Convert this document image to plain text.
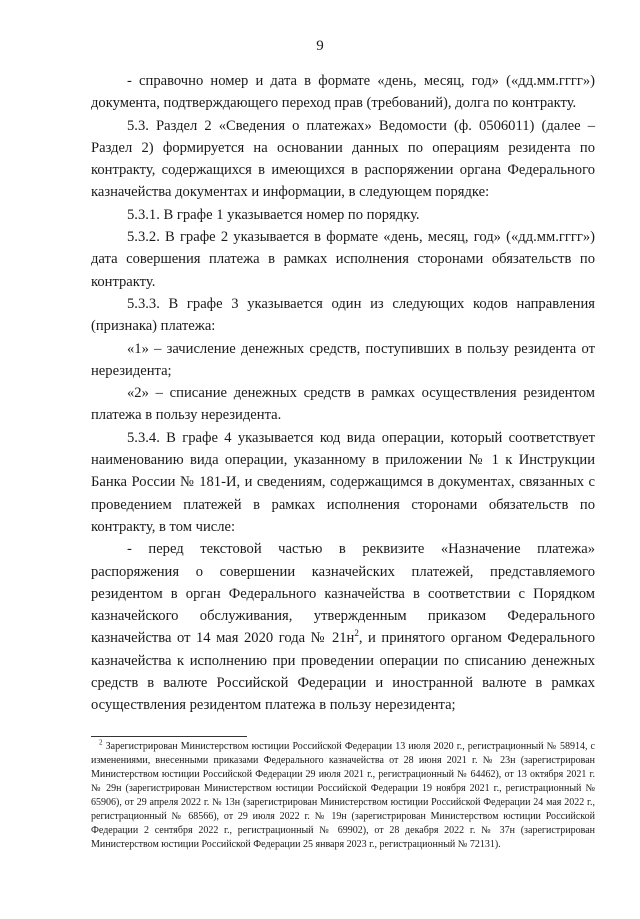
9

- справочно номер и дата в формате «день, месяц, год» («дд.мм.гггг») документа, подтверждающего переход прав (требований), долга по контракту.

5.3. Раздел 2 «Сведения о платежах» Ведомости (ф. 0506011) (далее – Раздел 2) формируется на основании данных по операциям резидента по контракту, содержащихся в имеющихся в распоряжении органа Федерального казначейства документах и информации, в следующем порядке:

5.3.1. В графе 1 указывается номер по порядку.

5.3.2. В графе 2 указывается в формате «день, месяц, год» («дд.мм.гггг») дата совершения платежа в рамках исполнения сторонами обязательств по контракту.

5.3.3. В графе 3 указывается один из следующих кодов направления (признака) платежа:

«1» – зачисление денежных средств, поступивших в пользу резидента от нерезидента;

«2» – списание денежных средств в рамках осуществления резидентом платежа в пользу нерезидента.

5.3.4. В графе 4 указывается код вида операции, который соответствует наименованию вида операции, указанному в приложении № 1 к Инструкции Банка России № 181-И, и сведениям, содержащимся в документах, связанных с проведением платежей в рамках исполнения сторонами обязательств по контракту, в том числе:

- перед текстовой частью в реквизите «Назначение платежа» распоряжения о совершении казначейских платежей, представляемого резидентом в орган Федерального казначейства в соответствии с Порядком казначейского обслуживания, утвержденным приказом Федерального казначейства от 14 мая 2020 года № $21н^2$, и принятого органом Федерального казначейства к исполнению при проведении операции по списанию денежных средств в валюте Российской Федерации и иностранной валюте в рамках осуществления резидентом платежа в пользу нерезидента;

$^2$ Зарегистрирован Министерством юстиции Российской Федерации 13 июля 2020 г., регистрационный № 58914, с изменениями, внесенными приказами Федерального казначейства от 28 июня 2021 г. № 23н (зарегистрирован Министерством юстиции Российской Федерации 29 июля 2021 г., регистрационный № 64462), от 13 октября 2021 г. № 29н (зарегистрирован Министерством юстиции Российской Федерации 19 ноября 2021 г., регистрационный № 65906), от 29 апреля 2022 г. № 13н (зарегистрирован Министерством юстиции Российской Федерации 24 мая 2022 г., регистрационный № 68566), от 29 июля 2022 г. № 19н (зарегистрирован Министерством юстиции Российской Федерации 2 сентября 2022 г., регистрационный № 69902), от 28 декабря 2022 г. № 37н (зарегистрирован Министерством юстиции Российской Федерации 25 января 2023 г., регистрационный № 72131).
